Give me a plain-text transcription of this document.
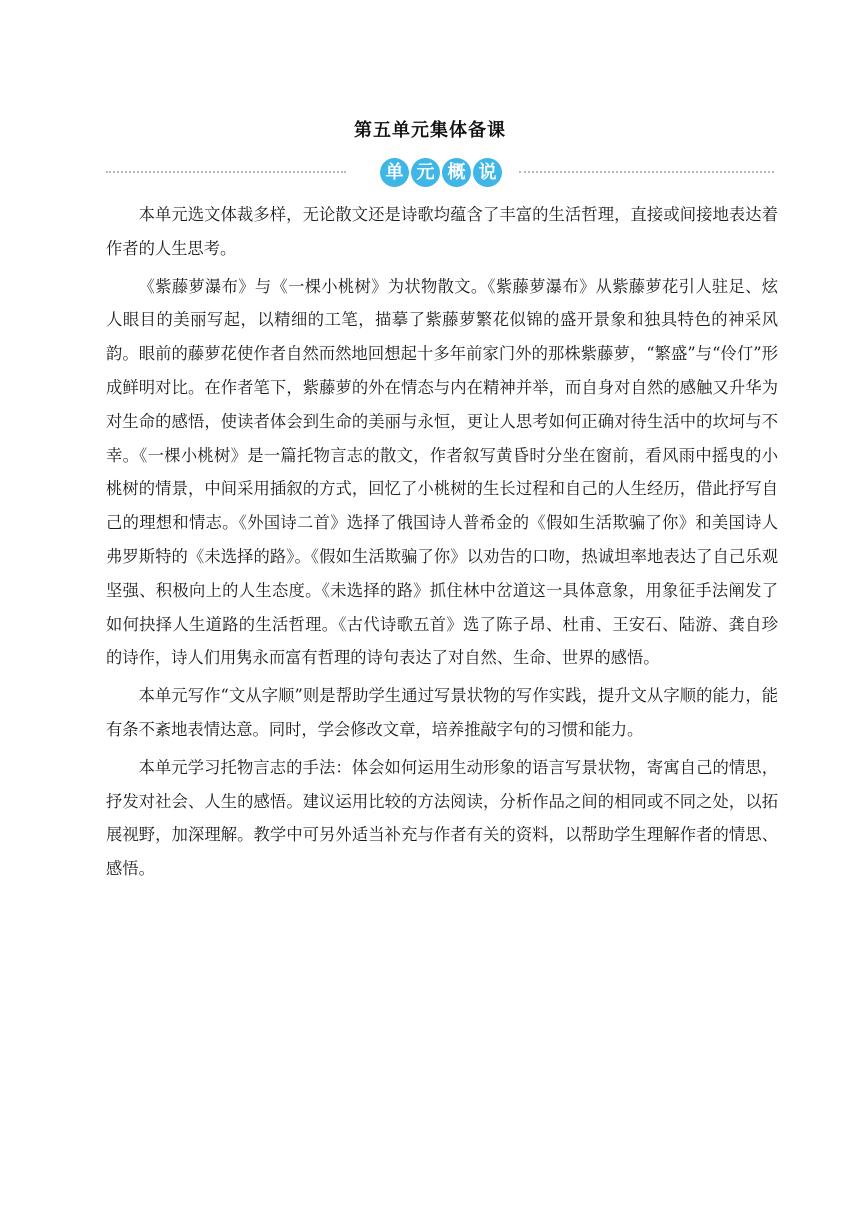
第五单元集体备课
单 元 概 说

本单元选文体裁多样，无论散文还是诗歌均蕴含了丰富的生活哲理，直接或间接地表达着作者的人生思考。

《紫藤萝瀑布》与《一棵小桃树》为状物散文。《紫藤萝瀑布》从紫藤萝花引人驻足、炫人眼目的美丽写起，以精细的工笔，描摹了紫藤萝繁花似锦的盛开景象和独具特色的神采风韵。眼前的藤萝花使作者自然而然地回想起十多年前家门外的那株紫藤萝，“繁盛”与“伶仃”形成鲜明对比。在作者笔下，紫藤萝的外在情态与内在精神并举，而自身对自然的感触又升华为对生命的感悟，使读者体会到生命的美丽与永恒，更让人思考如何正确对待生活中的坎坷与不幸。《一棵小桃树》是一篇托物言志的散文，作者叙写黄昏时分坐在窗前，看风雨中摇曳的小桃树的情景，中间采用插叙的方式，回忆了小桃树的生长过程和自己的人生经历，借此抒写自己的理想和情志。《外国诗二首》选择了俄国诗人普希金的《假如生活欺骗了你》和美国诗人弗罗斯特的《未选择的路》。《假如生活欺骗了你》以劝告的口吻，热诚坦率地表达了自己乐观坚强、积极向上的人生态度。《未选择的路》抓住林中岔道这一具体意象，用象征手法阐发了如何抉择人生道路的生活哲理。《古代诗歌五首》选了陈子昂、杜甫、王安石、陆游、龚自珍的诗作，诗人们用隽永而富有哲理的诗句表达了对自然、生命、世界的感悟。

本单元写作“文从字顺”则是帮助学生通过写景状物的写作实践，提升文从字顺的能力，能有条不紊地表情达意。同时，学会修改文章，培养推敲字句的习惯和能力。

本单元学习托物言志的手法：体会如何运用生动形象的语言写景状物，寄寓自己的情思，抒发对社会、人生的感悟。建议运用比较的方法阅读，分析作品之间的相同或不同之处，以拓展视野，加深理解。教学中可另外适当补充与作者有关的资料，以帮助学生理解作者的情思、感悟。
